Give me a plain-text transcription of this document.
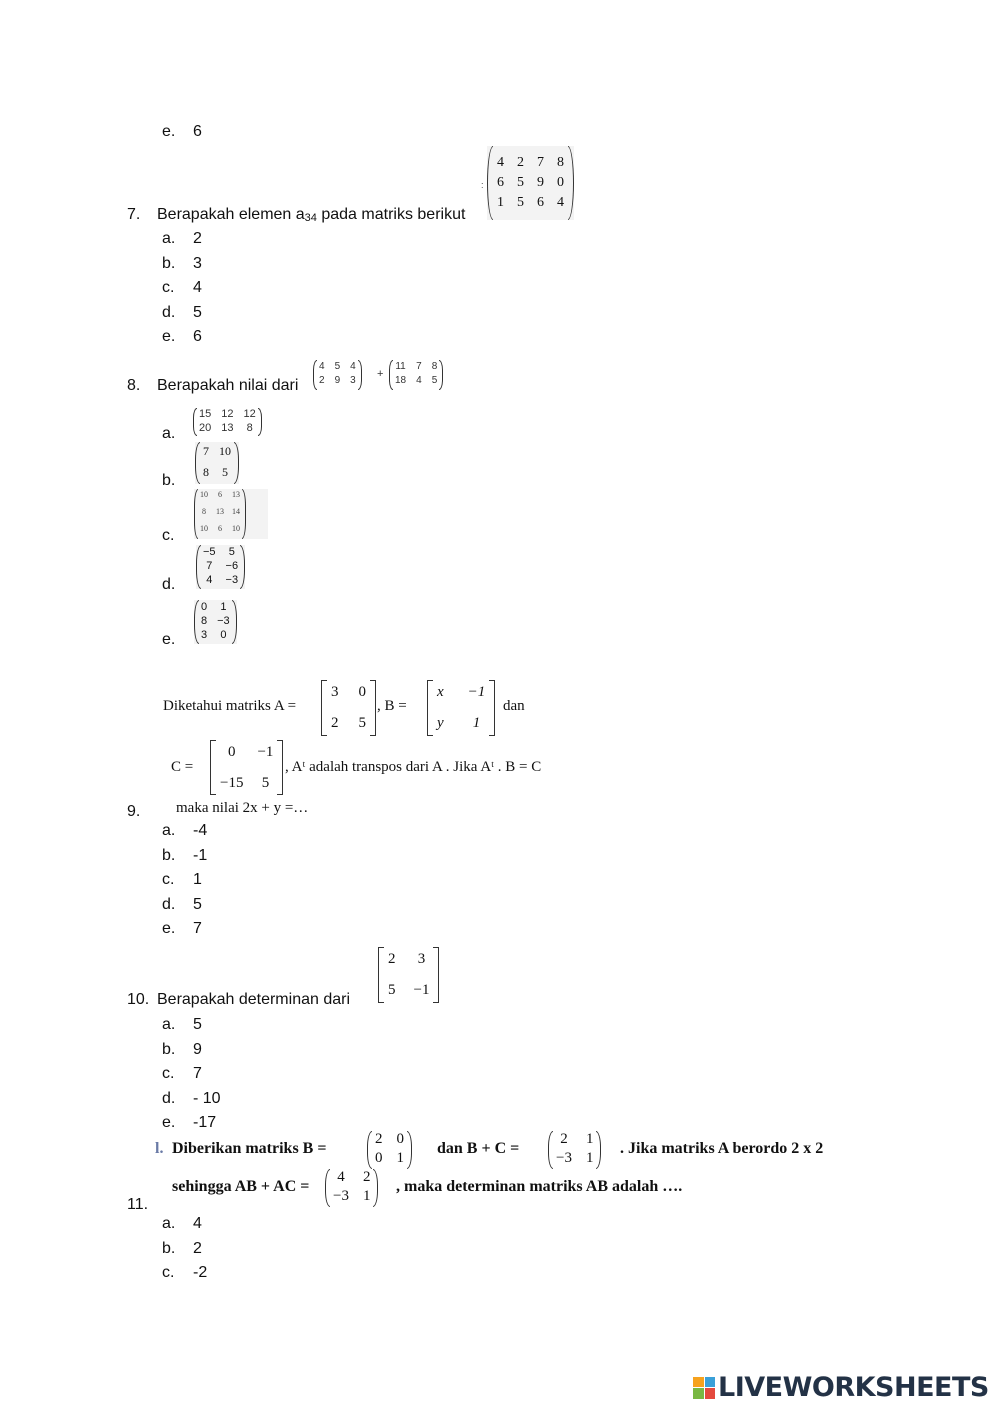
e.	6
7. Berapakah elemen a34 pada matriks berikut
:
4 2 7 8
6 5 9 0
1 5 6 4
a.	2
b.	3
c.	4
d.	5
e.	6
8. Berapakah nilai dari
4 5 4
2 9 3
+
11 7 8
18 4 5
a.
15 12 12
20 13 8
b.
7 10
8 5
c.
10 6 13
8 13 14
10 6 10
d.
−5 5
7 −6
4 −3
e.
0 1
8 −3
3 0
Diketahui matriks A =
3 0
2 5
, B =
x −1
y	1
dan
C =
0	−1
−15 5
, Aᵗ adalah transpos dari A . Jika Aᵗ . B = C
maka nilai 2x + y =…
9.
a.	-4
b.	-1
c.	1
d.	5
e.	7
10. Berapakah determinan dari
2 3
5 −1
a.	5
b.	9
c.	7
d.	- 10
e.	-17
l. Diberikan matriks B =
2 0
0 1
dan B + C =
2 1
−3 1
. Jika matriks A berordo 2 x 2
sehingga AB + AC =
4 2
−3 1
, maka determinan matriks AB adalah ….
11.
a.	4
b.	2
c.	-2
LIVEWORKSHEETS
